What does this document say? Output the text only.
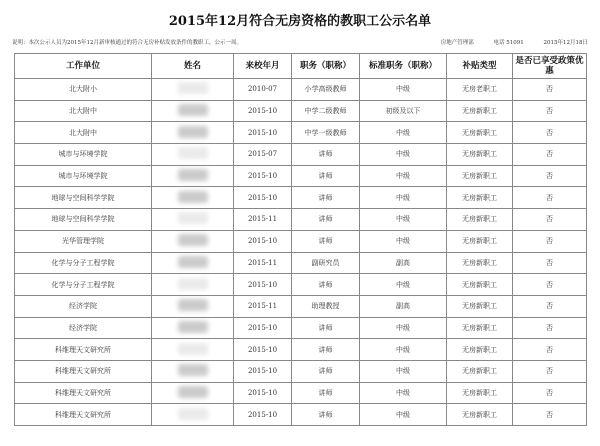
2015年12月符合无房资格的教职工公示名单
说明：本次公示人员为2015年12月新审核通过的符合无房补贴发放条件的教职工，公示一周。	房地产管理部	电话 51091	2015年12月18日
工作单位	姓名	来校年月	职务（职称）	标准职务（职称）	补贴类型	是否已享受政策优惠
北大附小		2010-07	小学高级教师	中级	无房老职工	否
北大附中		2015-10	中学二级教师	初级及以下	无房新职工	否
北大附中		2015-10	中学一级教师	中级	无房新职工	否
城市与环境学院		2015-07	讲师	中级	无房新职工	否
城市与环境学院		2015-10	讲师	中级	无房新职工	否
地球与空间科学学院		2015-10	讲师	中级	无房新职工	否
地球与空间科学学院		2015-11	讲师	中级	无房新职工	否
光华管理学院		2015-10	讲师	中级	无房新职工	否
化学与分子工程学院		2015-11	副研究员	副高	无房新职工	否
化学与分子工程学院		2015-10	讲师	中级	无房新职工	否
经济学院		2015-11	助理教授	副高	无房新职工	否
经济学院		2015-10	讲师	中级	无房新职工	否
科维理天文研究所		2015-10	讲师	中级	无房新职工	否
科维理天文研究所		2015-10	讲师	中级	无房新职工	否
科维理天文研究所		2015-10	讲师	中级	无房新职工	否
科维理天文研究所		2015-10	讲师	中级	无房新职工	否
